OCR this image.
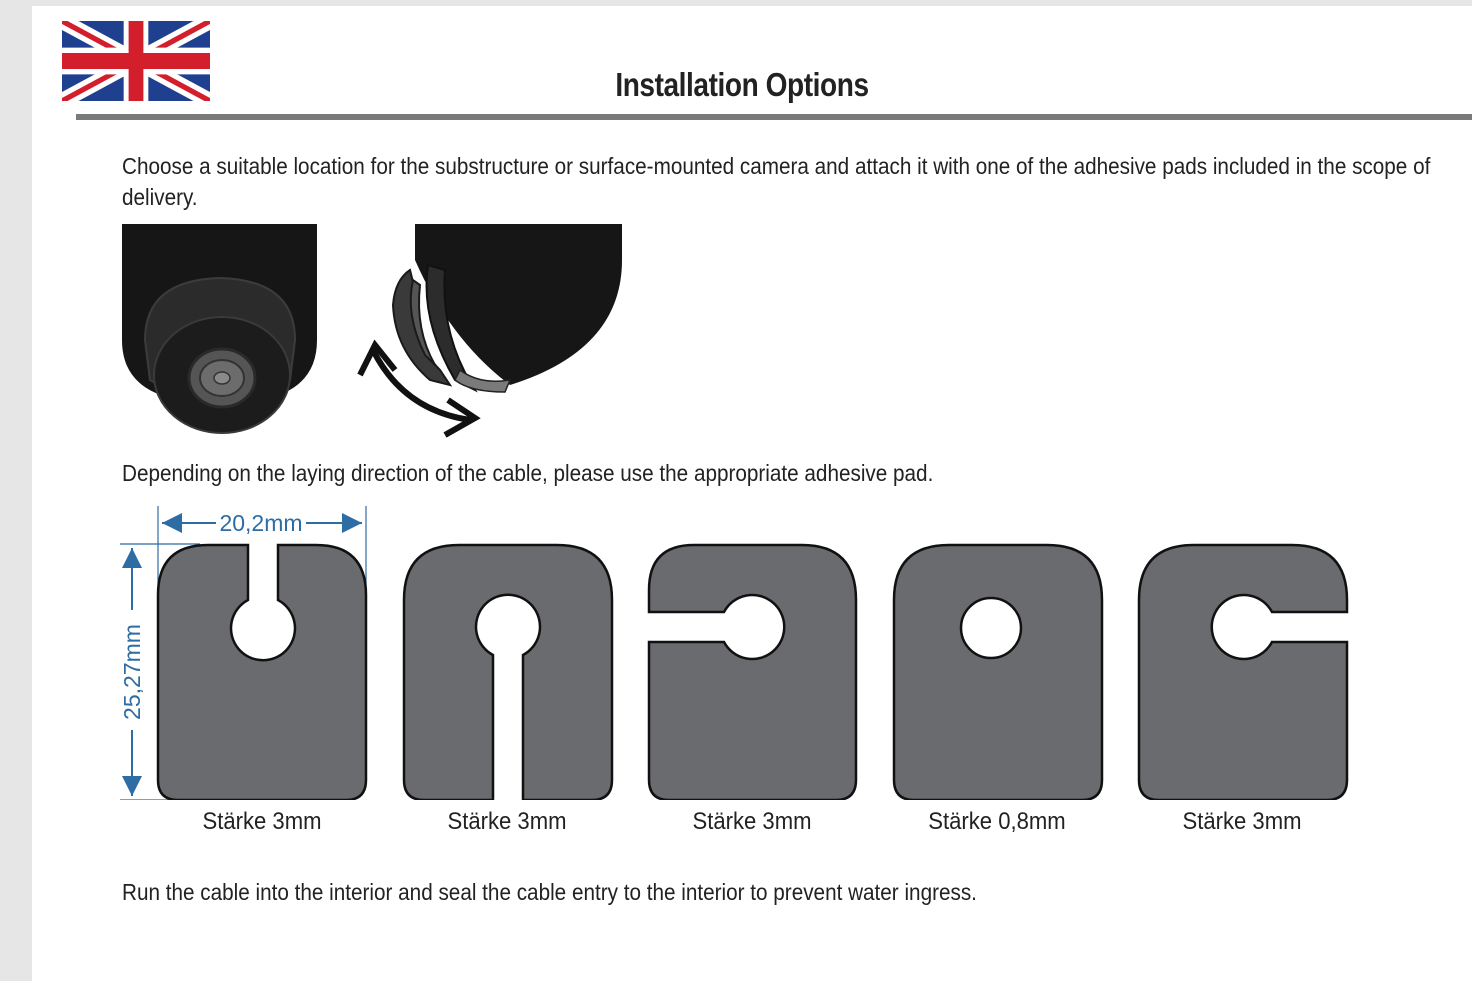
Installation Options
Choose a suitable location for the substructure or surface-mounted camera and attach it with one of the adhesive pads included in the scope of delivery.
Depending on the laying direction of the cable, please use the appropriate adhesive pad.
20,2mm
25,27mm
Stärke 3mm	Stärke 3mm	Stärke 3mm	Stärke 0,8mm	Stärke 3mm
Run the cable into the interior and seal the cable entry to the interior to prevent water ingress.
